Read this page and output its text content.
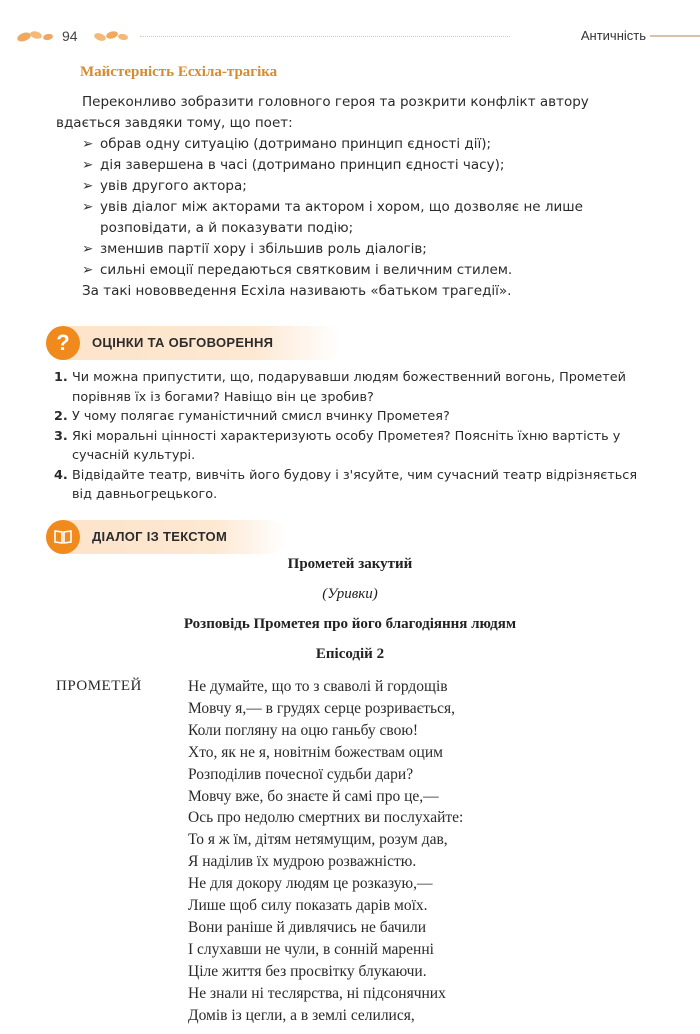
94	Античність
Майстерність Есхіла-трагіка

Переконливо зобразити головного героя та розкрити конфлікт автору вдається завдяки тому, що поет:

➢ обрав одну ситуацію (дотримано принцип єдності дії);
➢ дія завершена в часі (дотримано принцип єдності часу);
➢ увів другого актора;
➢ увів діалог між акторами та актором і хором, що дозволяє не лише розповідати, а й показувати подію;
➢ зменшив партії хору і збільшив роль діалогів;
➢ сильні емоції передаються святковим і величним стилем.

За такі нововведення Есхіла називають «батьком трагедії».

?	ОЦІНКИ ТА ОБГОВОРЕННЯ
1. Чи можна припустити, що, подарувавши людям божественний вогонь, Прометей порівняв їх із богами? Навіщо він це зробив?
2. У чому полягає гуманістичний смисл вчинку Прометея?
3. Які моральні цінності характеризують особу Прометея? Поясніть їхню вартість у сучасній культурі.
4. Відвідайте театр, вивчіть його будову і з'ясуйте, чим сучасний театр відрізняється від давньогрецького.
ДІАЛОГ ІЗ ТЕКСТОМ
Прометей закутий
(Уривки)
Розповідь Прометея про його благодіяння людям
Епісодій 2
ПРОМЕТЕЙ	Не думайте, що то з сваволі й гордощів
Мовчу я,— в грудях серце розривається,
Коли погляну на оцю ганьбу свою!
Хто, як не я, новітнім божествам оцим
Розподілив почесної судьби дари?
Мовчу вже, бо знаєте й самі про це,—
Ось про недолю смертних ви послухайте:
То я ж їм, дітям нетямущим, розум дав,
Я наділив їх мудрою розважністю.
Не для докору людям це розказую,—
Лише щоб силу показать дарів моїх.
Вони раніше й дивлячись не бачили
І слухавши не чули, в сонній маренні
Ціле життя без просвітку блукаючи.
Не знали ні теслярства, ні підсонячних
Домів із цегли, а в землі селилися,
